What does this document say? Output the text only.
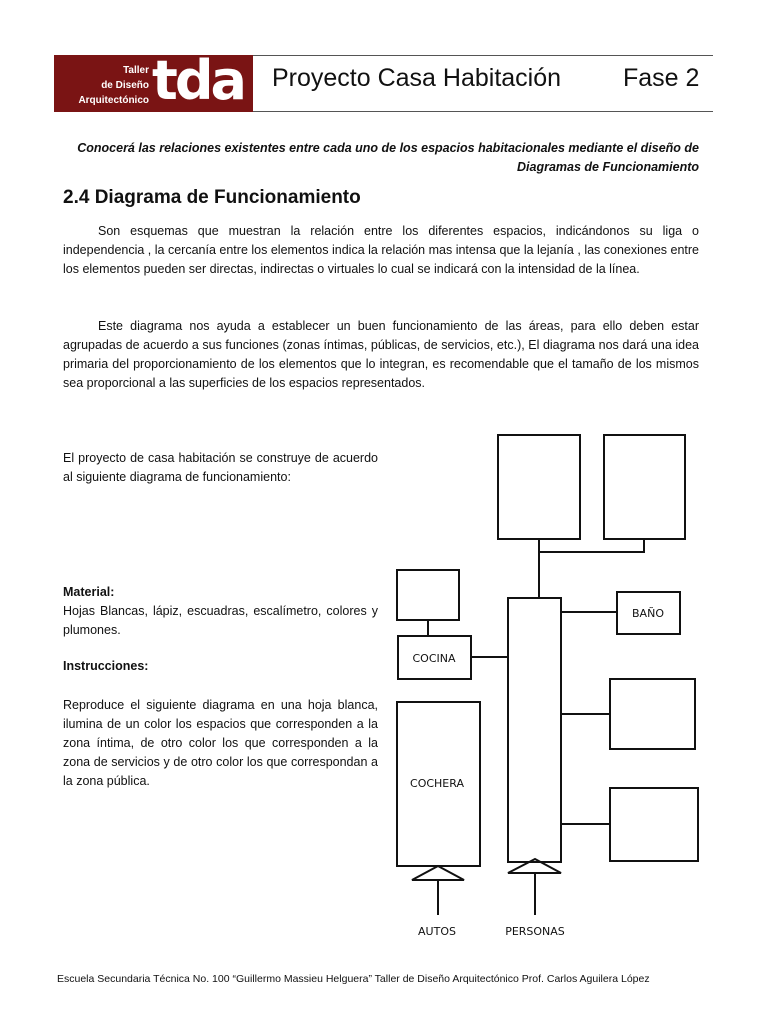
Taller
de Diseño
Arquitectónico tda Proyecto Casa Habitación Fase 2
Conocerá las relaciones existentes entre cada uno de los espacios habitacionales mediante el diseño de Diagramas de Funcionamiento
2.4 Diagrama de Funcionamiento
Son esquemas que muestran la relación entre los diferentes espacios, indicándonos su liga o independencia , la cercanía entre los elementos indica la relación mas intensa que la lejanía , las conexiones entre los elementos pueden ser directas, indirectas o virtuales lo cual se indicará con la intensidad de la línea.
Este diagrama nos ayuda a establecer un buen funcionamiento de las áreas, para ello deben estar agrupadas de acuerdo a sus funciones (zonas íntimas, públicas, de servicios, etc.), El diagrama nos dará una idea primaria del proporcionamiento de los elementos que lo integran, es recomendable que el tamaño de los mismos sea proporcional a las superficies de los espacios representados.
El proyecto de casa habitación se construye de acuerdo al siguiente diagrama de funcionamiento:
Material:
Hojas Blancas, lápiz, escuadras, escalímetro, colores y plumones.
Instrucciones:
Reproduce el siguiente diagrama en una hoja blanca, ilumina de un color los espacios que corresponden a la zona íntima, de otro color los que corresponden a la zona de servicios y de otro color los que correspondan a la zona pública.
BAÑO
COCINA
COCHERA
AUTOS	PERSONAS
Escuela Secundaria Técnica No. 100 “Guillermo Massieu Helguera” Taller de Diseño Arquitectónico Prof. Carlos Aguilera López
